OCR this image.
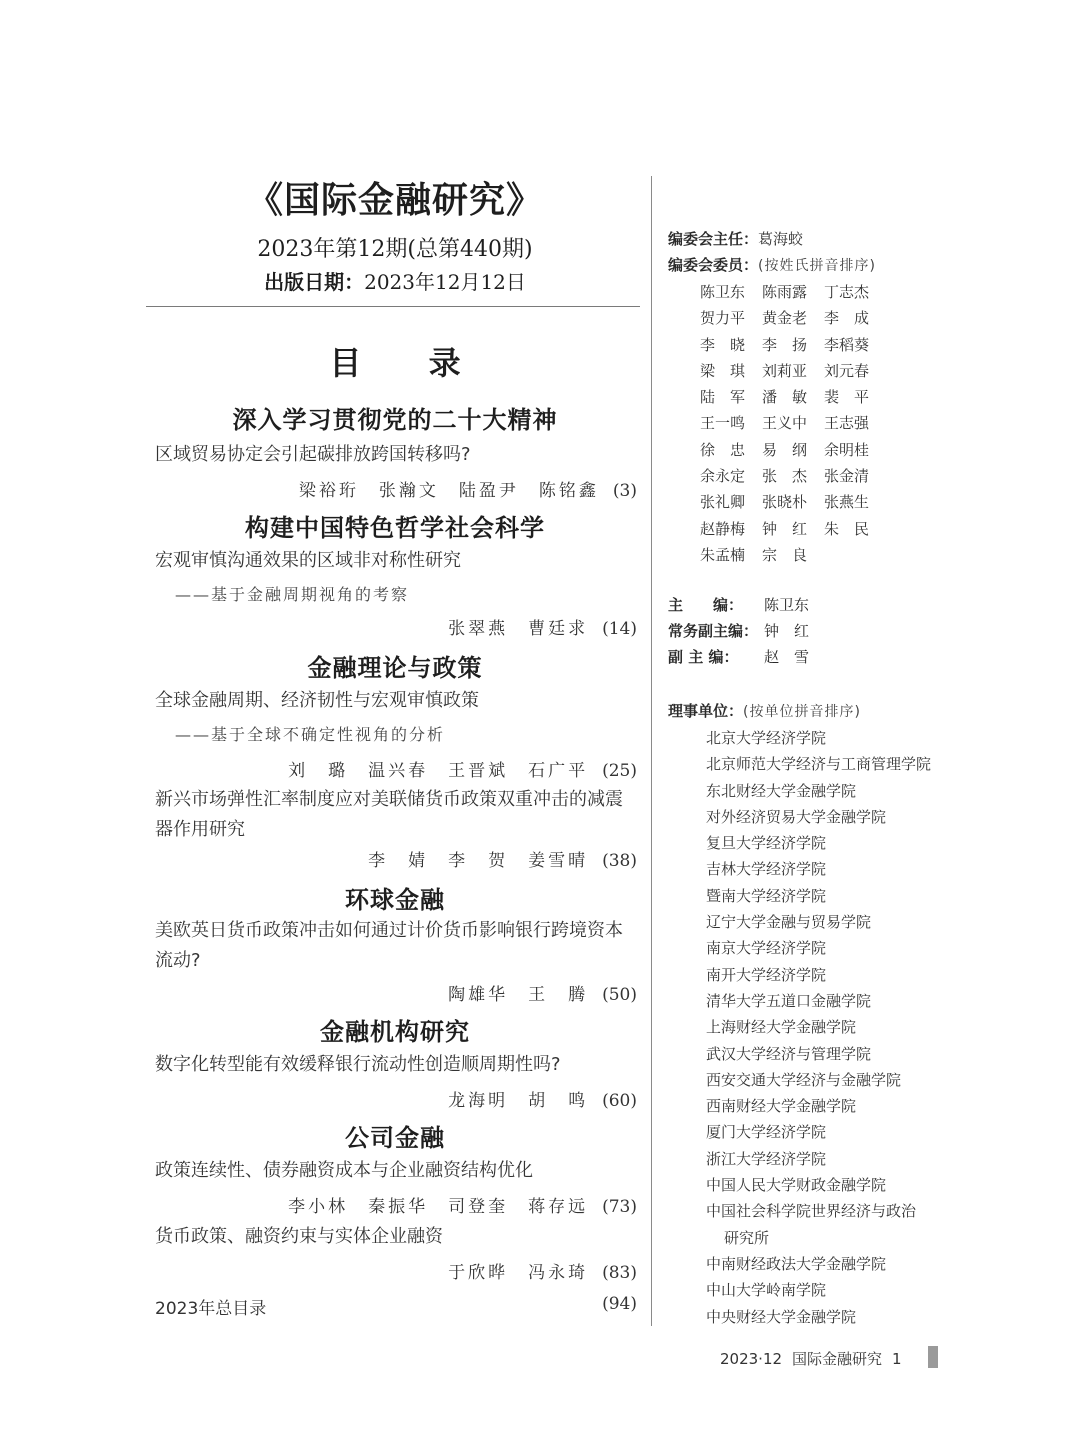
《国际金融研究》
2023年第12期(总第440期)
出版日期：2023年12月12日
目 录
深入学习贯彻党的二十大精神
区域贸易协定会引起碳排放跨国转移吗?
梁裕珩　张瀚文　陆盈尹　陈铭鑫 (3)
构建中国特色哲学社会科学
宏观审慎沟通效果的区域非对称性研究
——基于金融周期视角的考察
张翠燕　曹廷求 (14)
金融理论与政策
全球金融周期、经济韧性与宏观审慎政策
——基于全球不确定性视角的分析
刘　璐　温兴春　王晋斌　石广平 (25)
新兴市场弹性汇率制度应对美联储货币政策双重冲击的减震器作用研究
李　婧　李　贺　姜雪晴 (38)
环球金融
美欧英日货币政策冲击如何通过计价货币影响银行跨境资本流动?
陶雄华　王　腾 (50)
金融机构研究
数字化转型能有效缓释银行流动性创造顺周期性吗?
龙海明　胡　鸣 (60)
公司金融
政策连续性、债券融资成本与企业融资结构优化
李小林　秦振华　司登奎　蒋存远 (73)
货币政策、融资约束与实体企业融资
于欣晔　冯永琦 (83)
2023年总目录	(94)
编委会主任：葛海蛟
编委会委员：(按姓氏拼音排序)
陈卫东	陈雨露	丁志杰
贺力平	黄金老	李　成
李　晓	李　扬	李稻葵
梁　琪	刘莉亚	刘元春
陆　军	潘　敏	裴　平
王一鸣	王义中	王志强
徐　忠	易　纲	余明桂
余永定	张　杰	张金清
张礼卿	张晓朴	张燕生
赵静梅	钟　红	朱　民
朱孟楠	宗　良
主　　编： 陈卫东
常务副主编： 钟　红
副 主 编： 赵　雪
理事单位：(按单位拼音排序)
北京大学经济学院
北京师范大学经济与工商管理学院
东北财经大学金融学院
对外经济贸易大学金融学院
复旦大学经济学院
吉林大学经济学院
暨南大学经济学院
辽宁大学金融与贸易学院
南京大学经济学院
南开大学经济学院
清华大学五道口金融学院
上海财经大学金融学院
武汉大学经济与管理学院
西安交通大学经济与金融学院
西南财经大学金融学院
厦门大学经济学院
浙江大学经济学院
中国人民大学财政金融学院
中国社会科学院世界经济与政治
研究所
中南财经政法大学金融学院
中山大学岭南学院
中央财经大学金融学院
2023·12 国际金融研究 1
